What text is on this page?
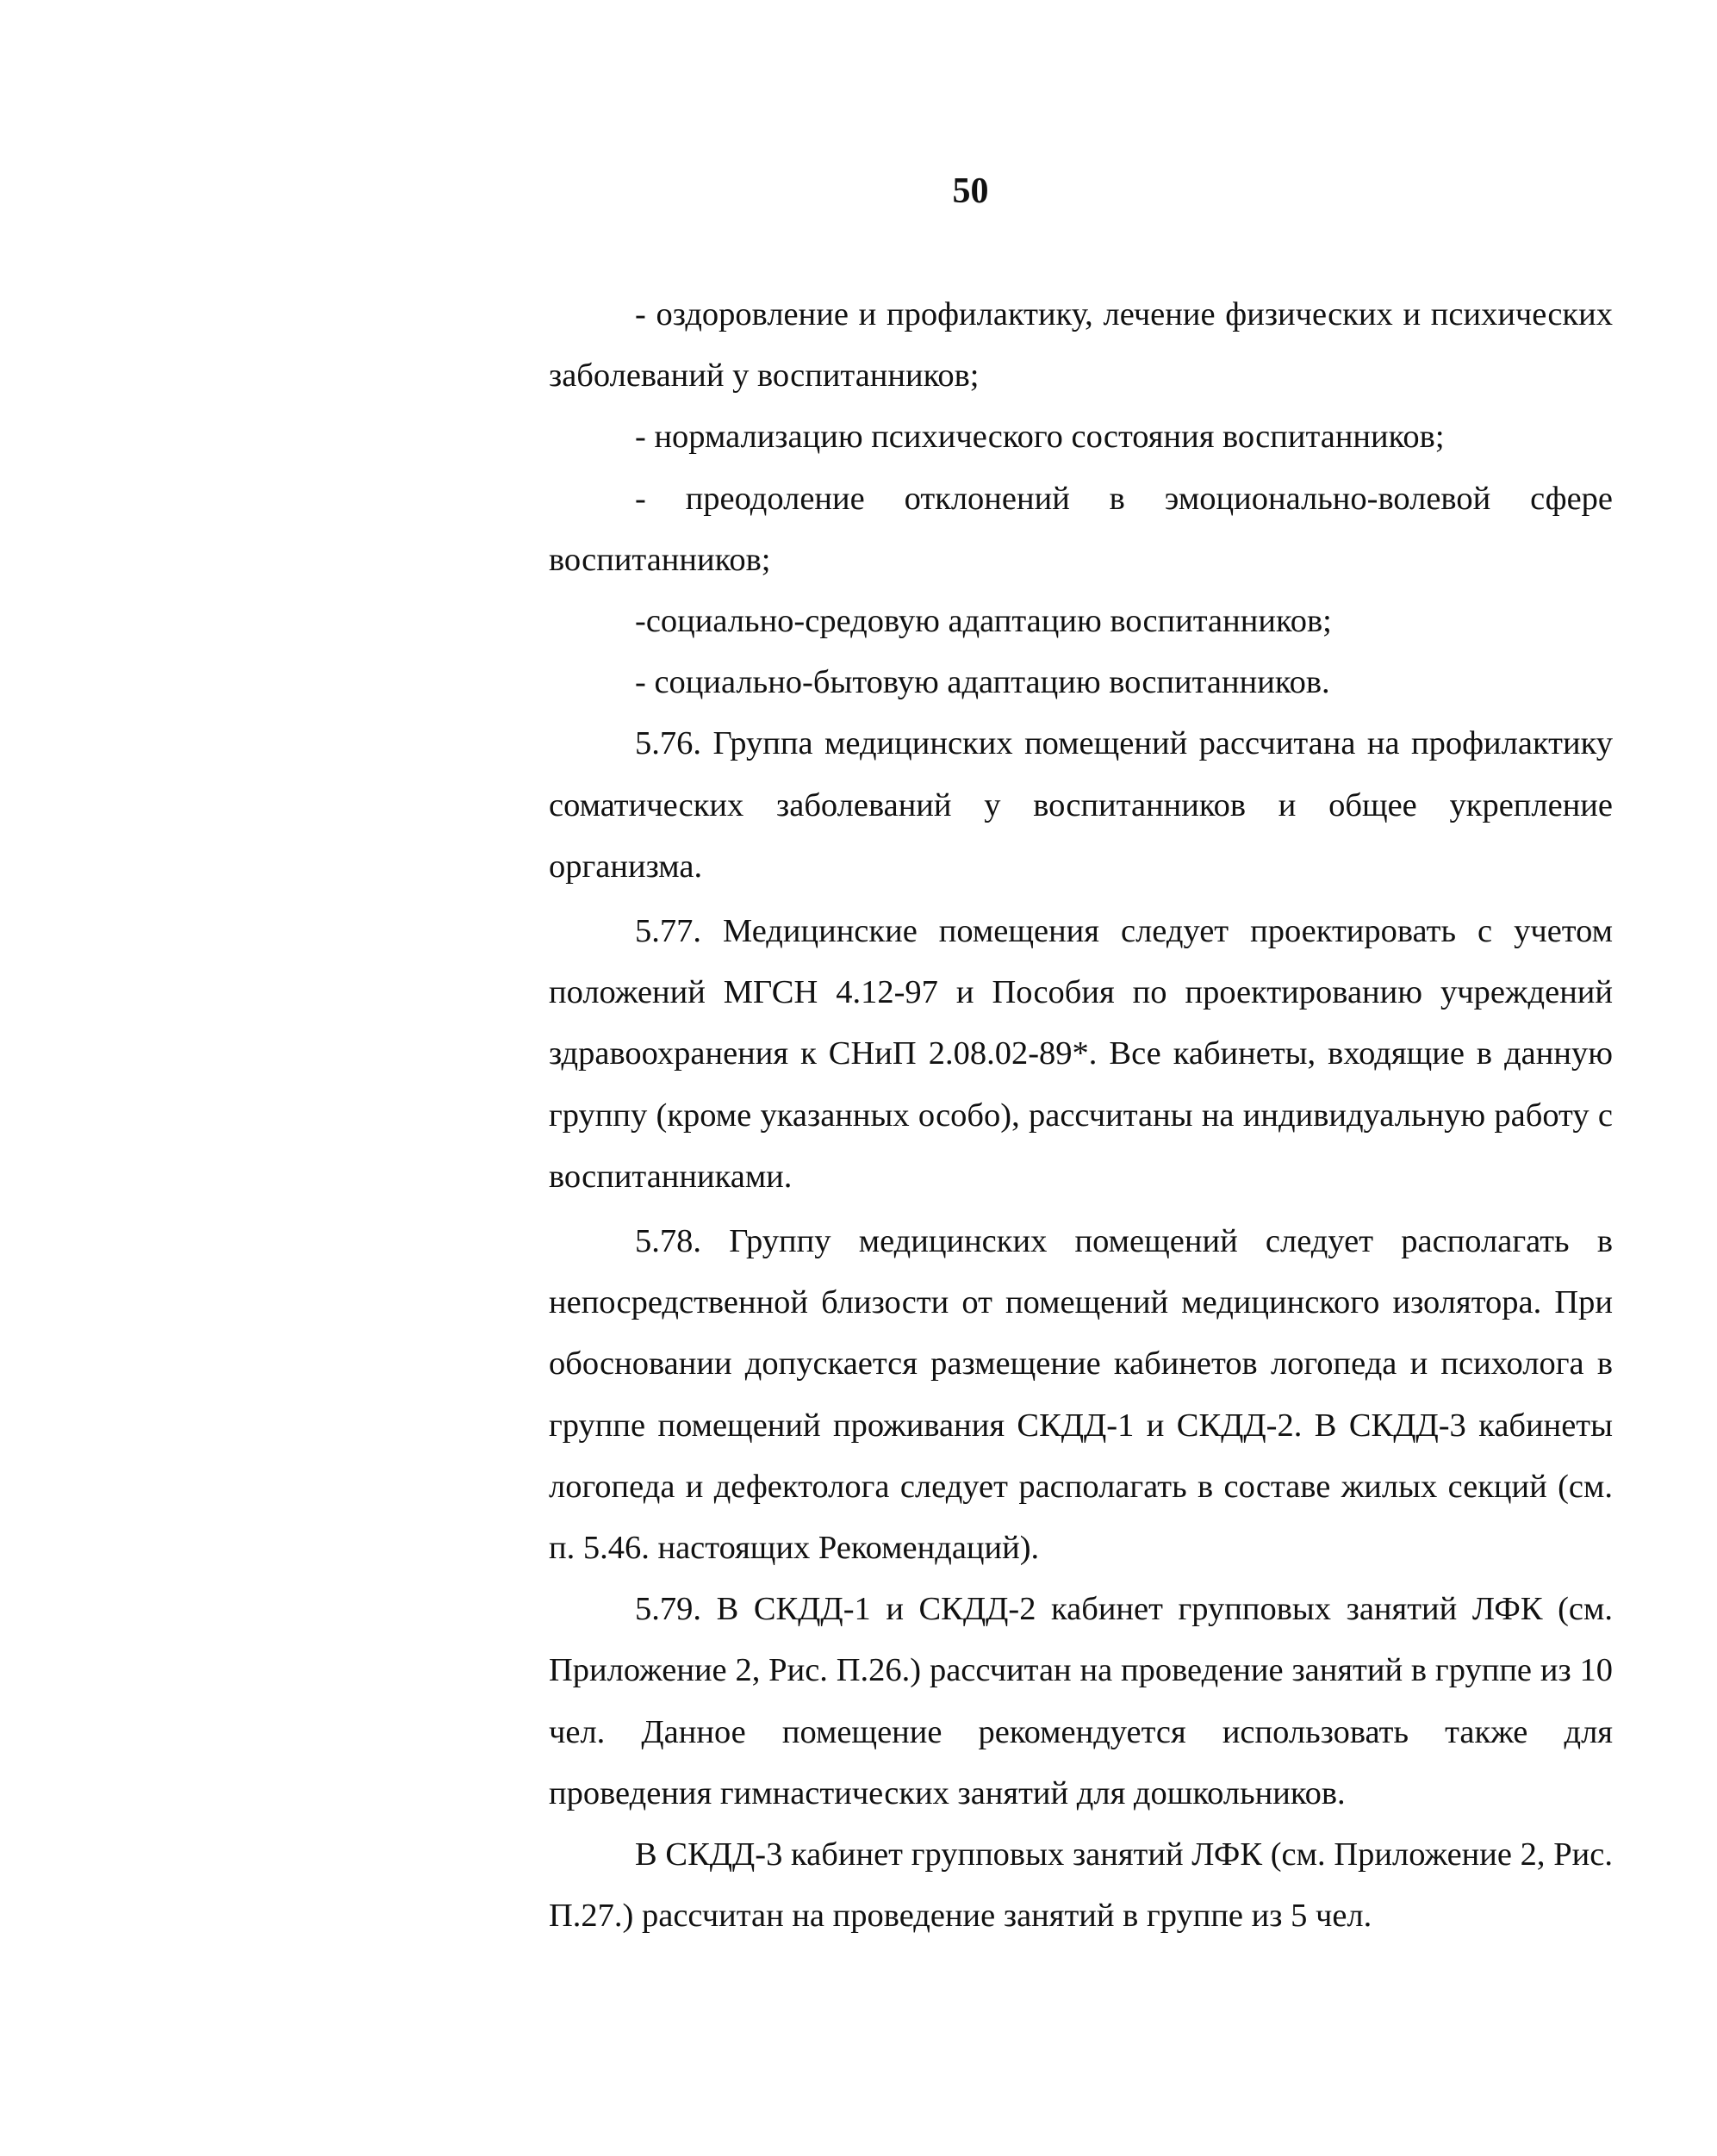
50

- оздоровление и профилактику, лечение физических и психических заболеваний у воспитанников;

- нормализацию психического состояния воспитанников;

- преодоление отклонений в эмоционально-волевой сфере воспитанников;

-социально-средовую адаптацию воспитанников;

- социально-бытовую адаптацию воспитанников.

5.76. Группа медицинских помещений рассчитана на профилактику соматических заболеваний у воспитанников и общее укрепление организма.

5.77. Медицинские помещения следует проектировать с учетом положений МГСН 4.12-97 и Пособия по проектированию учреждений здравоохранения к СНиП 2.08.02-89*. Все кабинеты, входящие в данную группу (кроме указанных особо), рассчитаны на индивидуальную работу с воспитанниками.

5.78. Группу медицинских помещений следует располагать в непосредственной близости от помещений медицинского изолятора. При обосновании допускается размещение кабинетов логопеда и психолога в группе помещений проживания СКДД-1 и СКДД-2. В СКДД-3 кабинеты логопеда и дефектолога следует располагать в составе жилых секций (см. п. 5.46. настоящих Рекомендаций).

5.79. В СКДД-1 и СКДД-2 кабинет групповых занятий ЛФК (см. Приложение 2, Рис. П.26.) рассчитан на проведение занятий в группе из 10 чел. Данное помещение рекомендуется использовать также для проведения гимнастических занятий для дошкольников.

В СКДД-3 кабинет групповых занятий ЛФК (см. Приложение 2, Рис. П.27.) рассчитан на проведение занятий в группе из 5 чел.
